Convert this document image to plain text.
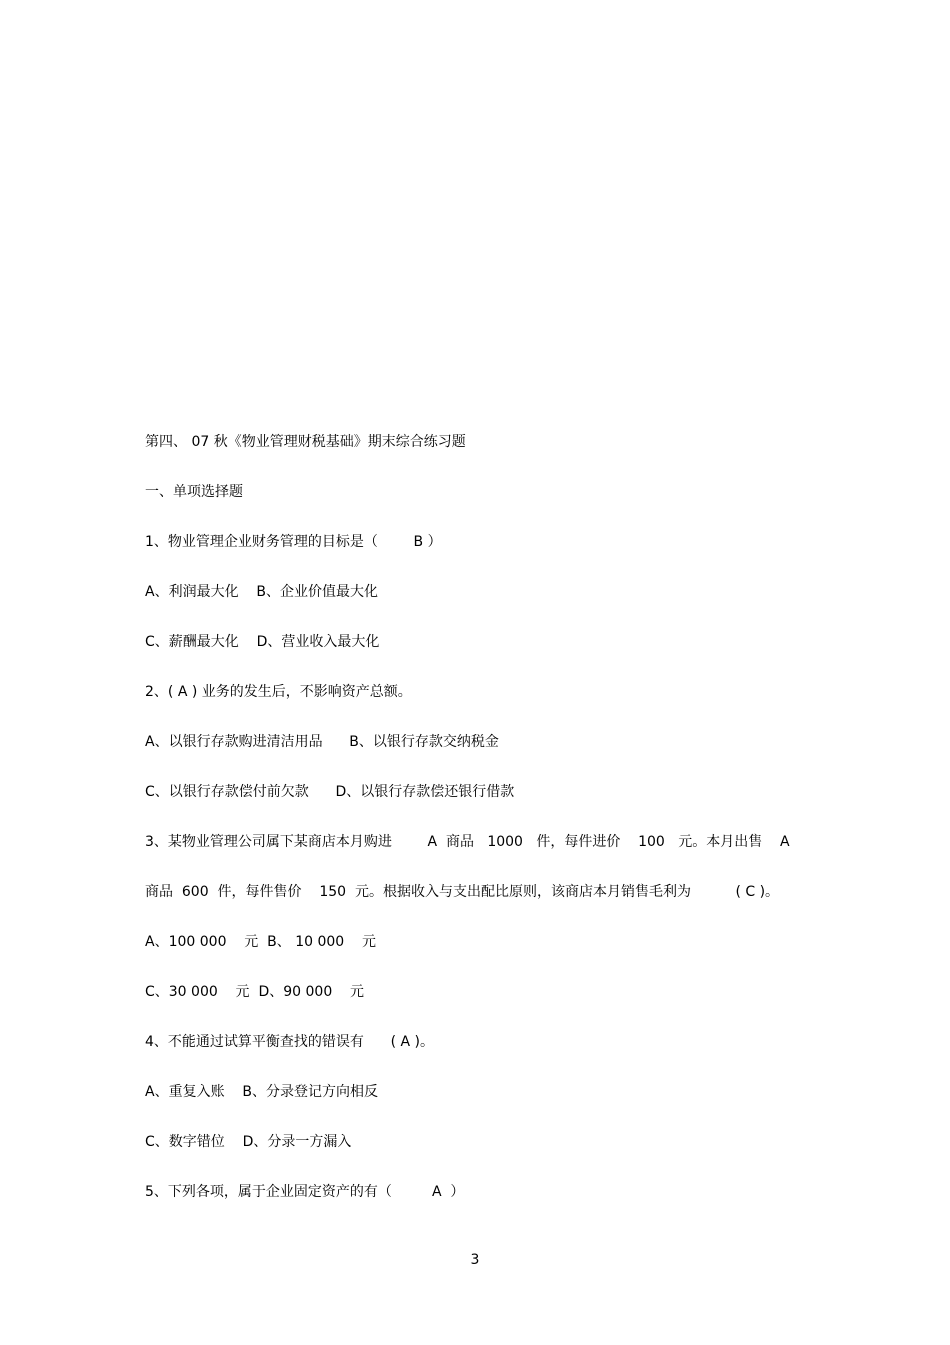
第四、 07 秋《物业管理财税基础》期末综合练习题
一、单项选择题
1、物业管理企业财务管理的目标是（        B ）
A、利润最大化    B、企业价值最大化
C、薪酬最大化    D、营业收入最大化
2、( A ) 业务的发生后，不影响资产总额。
A、以银行存款购进清洁用品      B、以银行存款交纳税金
C、以银行存款偿付前欠款      D、以银行存款偿还银行借款
3、某物业管理公司属下某商店本月购进        A  商品   1000   件，每件进价    100   元。本月出售    A
商品  600  件，每件售价    150  元。根据收入与支出配比原则，该商店本月销售毛利为          ( C )。
A、100 000    元  B、 10 000    元
C、30 000    元  D、90 000    元
4、不能通过试算平衡查找的错误有      ( A )。
A、重复入账    B、分录登记方向相反
C、数字错位    D、分录一方漏入
5、下列各项，属于企业固定资产的有（         A  ）
3
